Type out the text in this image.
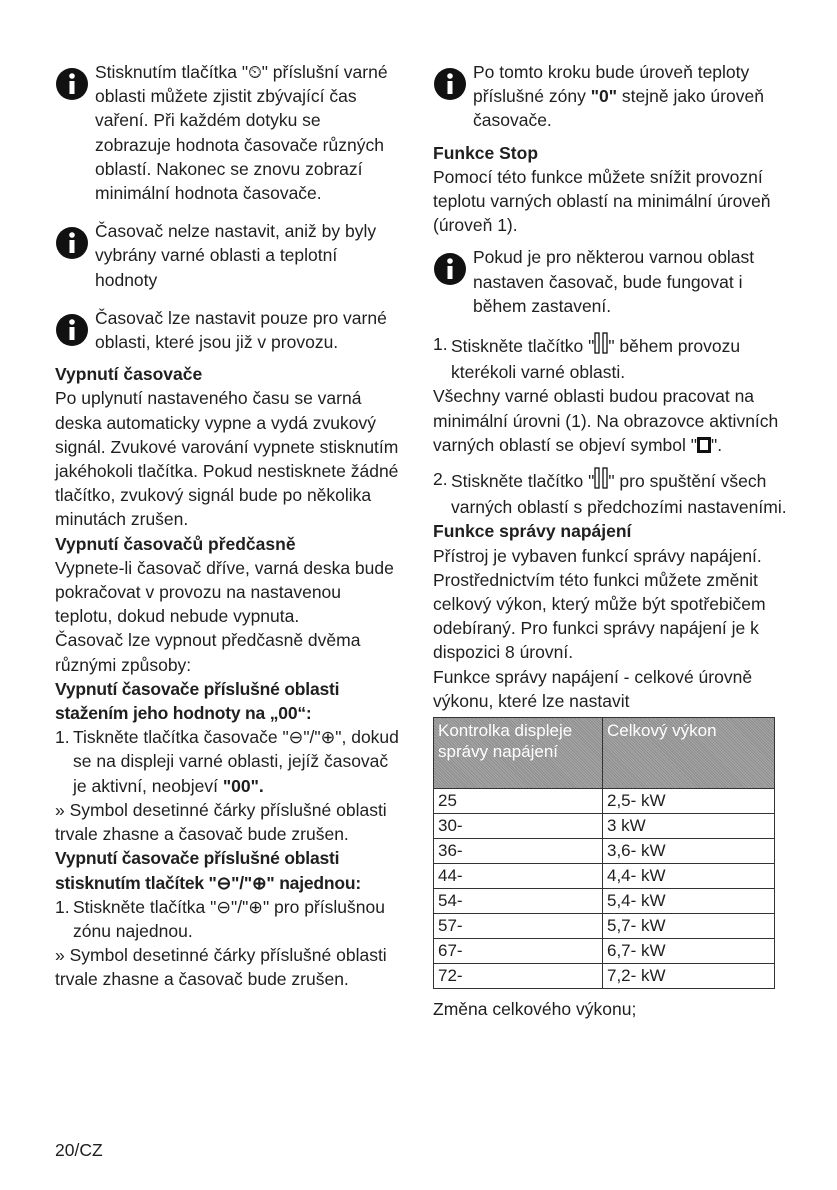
Stisknutím tlačítka "⏲" příslušní varné oblasti můžete zjistit zbývající čas vaření. Při každém dotyku se zobrazuje hodnota časovače různých oblastí. Nakonec se znovu zobrazí minimální hodnota časovače.
Časovač nelze nastavit, aniž by byly vybrány varné oblasti a teplotní hodnoty
Časovač lze nastavit pouze pro varné oblasti, které jsou již v provozu.

Vypnutí časovače

Po uplynutí nastaveného času se varná deska automaticky vypne a vydá zvukový signál. Zvukové varování vypnete stisknutím jakéhokoli tlačítka. Pokud nestisknete žádné tlačítko, zvukový signál bude po několika minutách zrušen.

Vypnutí časovačů předčasně

Vypnete-li časovač dříve, varná deska bude pokračovat v provozu na nastavenou teplotu, dokud nebude vypnuta.

Časovač lze vypnout předčasně dvěma různými způsoby:

Vypnutí časovače příslušné oblasti stažením jeho hodnoty na „00“:

1. Tiskněte tlačítka časovače "⊖"/"⊕", dokud se na displeji varné oblasti, jejíž časovač je aktivní, neobjeví "00".

» Symbol desetinné čárky příslušné oblasti trvale zhasne a časovač bude zrušen.

Vypnutí časovače příslušné oblasti stisknutím tlačítek "⊖"/"⊕" najednou:

1. Stiskněte tlačítka "⊖"/"⊕" pro příslušnou zónu najednou.

» Symbol desetinné čárky příslušné oblasti trvale zhasne a časovač bude zrušen.

Po tomto kroku bude úroveň teploty příslušné zóny "0" stejně jako úroveň časovače.

Funkce Stop

Pomocí této funkce můžete snížit provozní teplotu varných oblastí na minimální úroveň (úroveň 1).

Pokud je pro některou varnou oblast nastaven časovač, bude fungovat i během zastavení.
1. Stiskněte tlačítko " " během provozu kterékoli varné oblasti.

Všechny varné oblasti budou pracovat na minimální úrovni (1). Na obrazovce aktivních varných oblastí se objeví symbol " ".

2. Stiskněte tlačítko " " pro spuštění všech varných oblastí s předchozími nastaveními.

Funkce správy napájení

Přístroj je vybaven funkcí správy napájení. Prostřednictvím této funkci můžete změnit celkový výkon, který může být spotřebičem odebíraný. Pro funkci správy napájení je k dispozici 8 úrovní.

Funkce správy napájení - celkové úrovně výkonu, které lze nastavit

Kontrolka displeje správy napájení	Celkový výkon
25	2,5- kW
30-	3 kW
36-	3,6- kW
44-	4,4- kW
54-	5,4- kW
57-	5,7- kW
67-	6,7- kW
72-	7,2- kW

Změna celkového výkonu;

20/CZ
